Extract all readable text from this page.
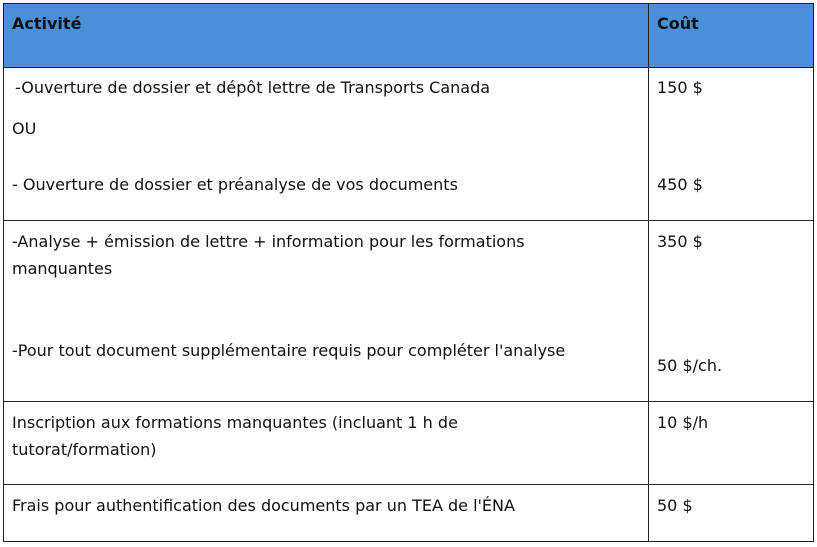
Activité	Coût
-Ouverture de dossier et dépôt lettre de Transports Canada
OU
- Ouverture de dossier et préanalyse de vos documents
150 $
450 $
-Analyse + émission de lettre + information pour les formations
manquantes
-Pour tout document supplémentaire requis pour compléter l'analyse
350 $
50 $/ch.
Inscription aux formations manquantes (incluant 1 h de
tutorat/formation)
10 $/h
Frais pour authentification des documents par un TEA de l'ÉNA	50 $
